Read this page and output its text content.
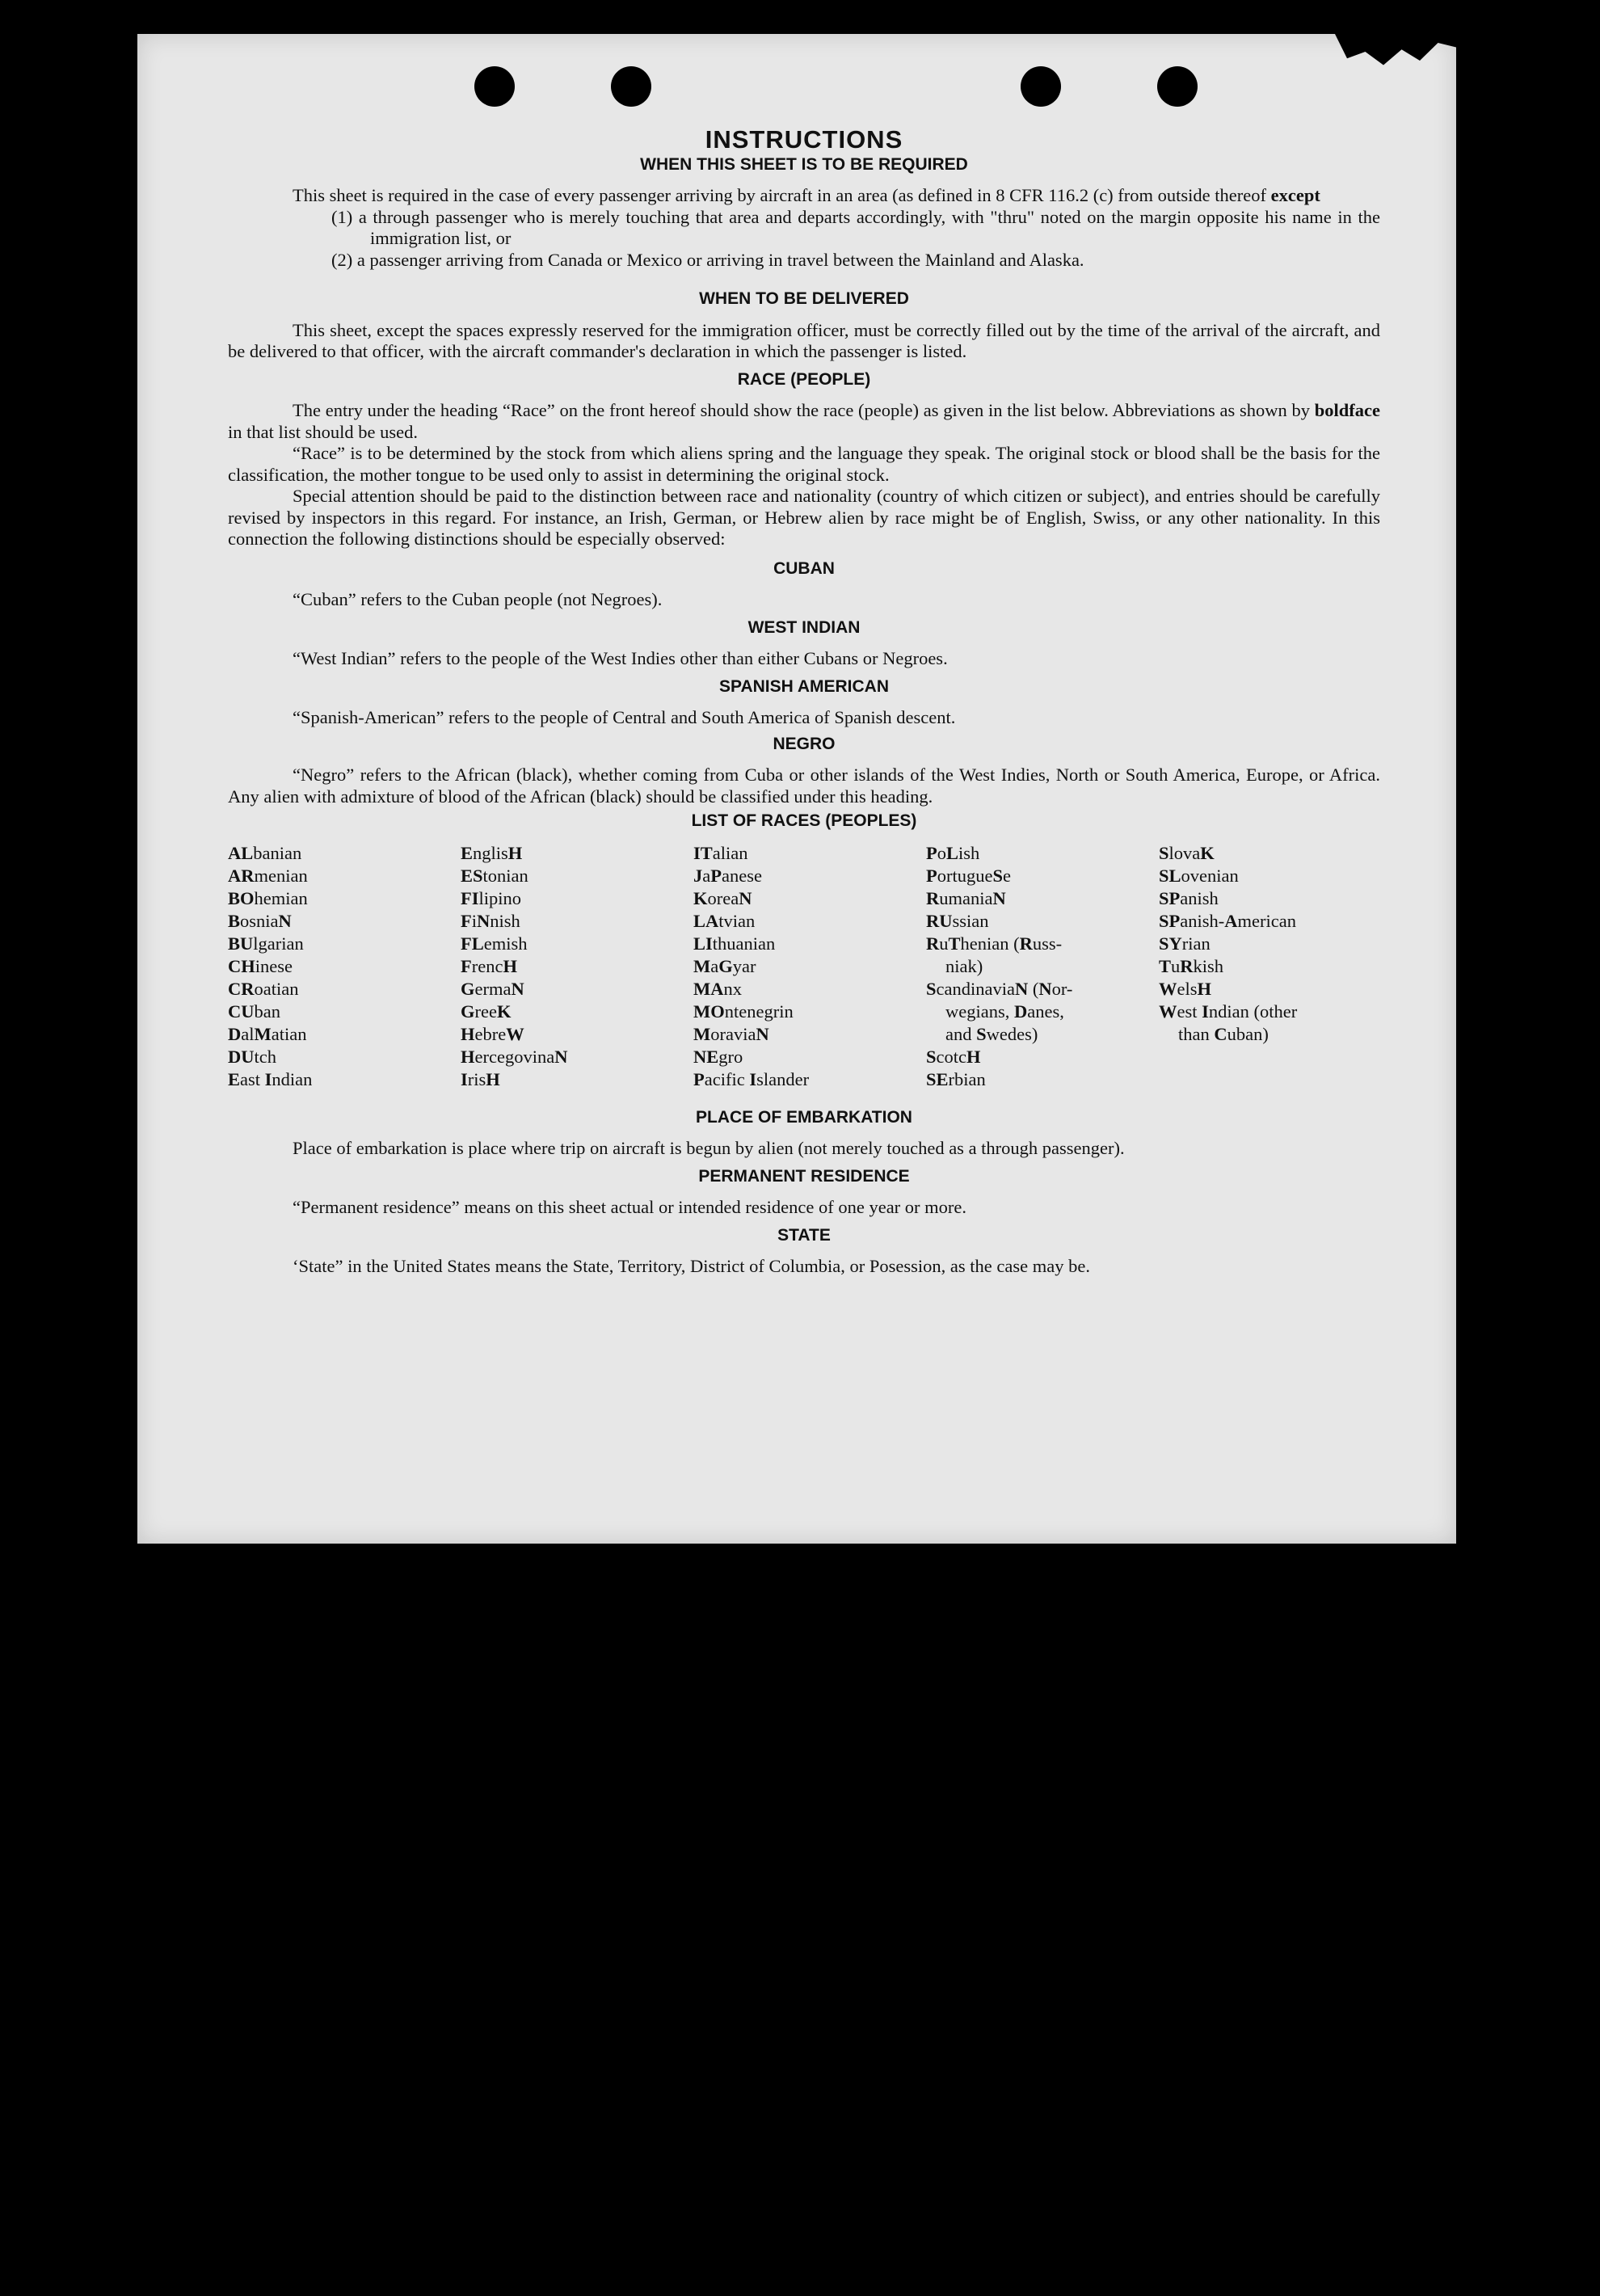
INSTRUCTIONS
WHEN THIS SHEET IS TO BE REQUIRED

This sheet is required in the case of every passenger arriving by aircraft in an area (as defined in 8 CFR 116.2 (c) from outside thereof except

(1) a through passenger who is merely touching that area and departs accordingly, with "thru" noted on the margin opposite his name in the immigration list, or

(2) a passenger arriving from Canada or Mexico or arriving in travel between the Mainland and Alaska.

WHEN TO BE DELIVERED

This sheet, except the spaces expressly reserved for the immigration officer, must be correctly filled out by the time of the arrival of the aircraft, and be delivered to that officer, with the aircraft commander's declaration in which the passenger is listed.

RACE (PEOPLE)

The entry under the heading “Race” on the front hereof should show the race (people) as given in the list below. Abbreviations as shown by boldface in that list should be used.

“Race” is to be determined by the stock from which aliens spring and the language they speak. The original stock or blood shall be the basis for the classification, the mother tongue to be used only to assist in determining the original stock.

Special attention should be paid to the distinction between race and nationality (country of which citizen or subject), and entries should be carefully revised by inspectors in this regard. For instance, an Irish, German, or Hebrew alien by race might be of English, Swiss, or any other nationality. In this connection the following distinctions should be especially observed:

CUBAN

“Cuban” refers to the Cuban people (not Negroes).

WEST INDIAN

“West Indian” refers to the people of the West Indies other than either Cubans or Negroes.

SPANISH AMERICAN

“Spanish-American” refers to the people of Central and South America of Spanish descent.

NEGRO

“Negro” refers to the African (black), whether coming from Cuba or other islands of the West Indies, North or South America, Europe, or Africa. Any alien with admixture of blood of the African (black) should be classified under this heading.

LIST OF RACES (PEOPLES)
ALbanian
ARmenian
BOhemian
BosniaN
BUlgarian
CHinese
CRoatian
CUban
DalMatian
DUtch
East Indian
EnglisH
EStonian
FIlipino
FiNnish
FLemish
FrencH
GermaN
GreeK
HebreW
HercegovinaN
IrisH
ITalian
JaPanese
KoreaN
LAtvian
LIthuanian
MaGyar
MAnx
MOntenegrin
MoraviaN
NEgro
Pacific Islander
PoLish
PortugueSe
RumaniaN
RUssian
RuThenian (Russ-
niak)
ScandinaviaN (Nor-
wegians, Danes,
and Swedes)
ScotcH
SErbian
SlovaK
SLovenian
SPanish
SPanish-American
SYrian
TuRkish
WelsH
West Indian (other
than Cuban)
PLACE OF EMBARKATION

Place of embarkation is place where trip on aircraft is begun by alien (not merely touched as a through passenger).

PERMANENT RESIDENCE

“Permanent residence” means on this sheet actual or intended residence of one year or more.

STATE

‘State” in the United States means the State, Territory, District of Columbia, or Posession, as the case may be.
